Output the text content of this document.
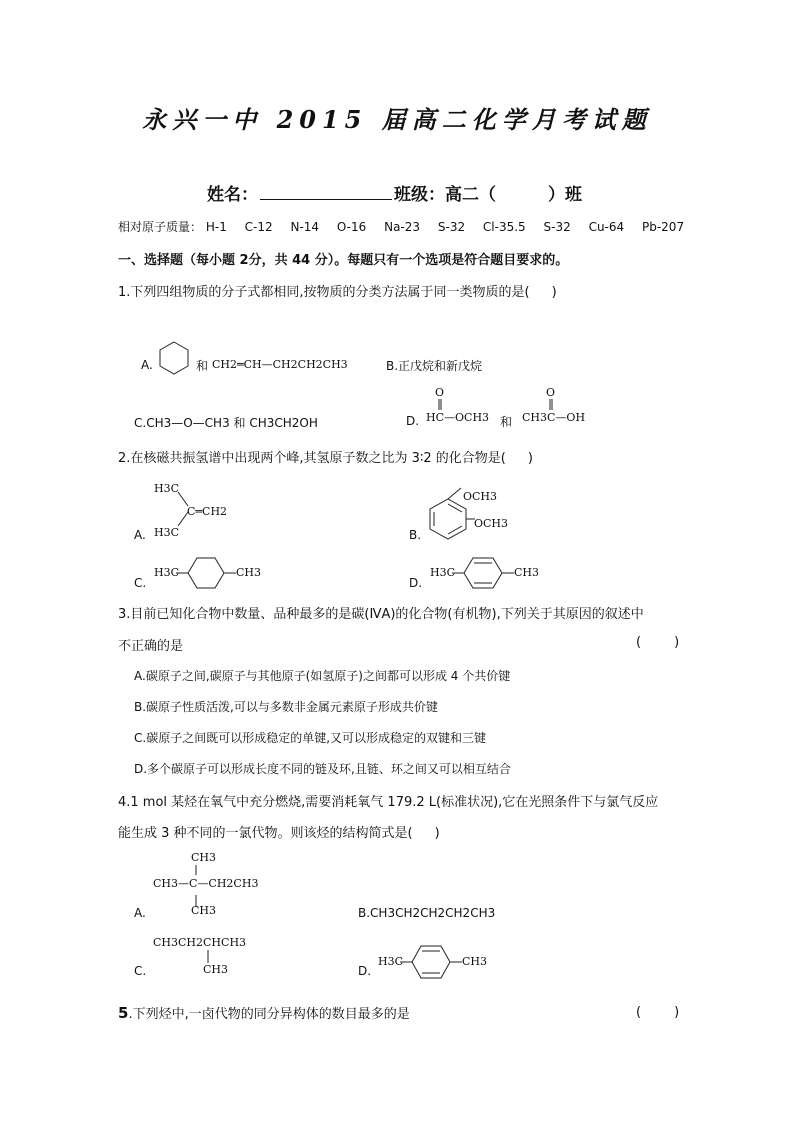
永兴一中 2015 届高二化学月考试题
姓名：	班级：高二（	）班
相对原子质量： H-1 C-12 N-14 O-16 Na-23 S-32 Cl-35.5 S-32 Cu-64 Pb-207
一、选择题（每小题 2分，共 44 分）。每题只有一个选项是符合题目要求的。
1.下列四组物质的分子式都相同,按物质的分类方法属于同一类物质的是( )
A.	和 CH2═CH—CH2CH2CH3	B.正戊烷和新戊烷
C.CH3—O—CH3 和 CH3CH2OH	D.
O
HC—OCH3 和
O
CH3C—OH
2.在核磁共振氢谱中出现两个峰,其氢原子数之比为 3∶2 的化合物是( )
A.
H3C
C═CH2
H3C	B.
OCH3
OCH3
C.
H3C	CH3
D.
H3C	CH3
3.目前已知化合物中数量、品种最多的是碳(ⅣA)的化合物(有机物),下列关于其原因的叙述中
不正确的是	(        )
A.碳原子之间,碳原子与其他原子(如氢原子)之间都可以形成 4 个共价键
B.碳原子性质活泼,可以与多数非金属元素原子形成共价键
C.碳原子之间既可以形成稳定的单键,又可以形成稳定的双键和三键
D.多个碳原子可以形成长度不同的链及环,且链、环之间又可以相互结合
4.1 mol 某烃在氧气中充分燃烧,需要消耗氧气 179.2 L(标准状况),它在光照条件下与氯气反应
能生成 3 种不同的一氯代物。则该烃的结构简式是( )
A.
CH3
CH3—C—CH2CH3
CH3	B.CH3CH2CH2CH2CH3
C.
CH3CH2CHCH3
CH3	D.
H3C	CH3
5.下列烃中,一卤代物的同分异构体的数目最多的是	(        )
